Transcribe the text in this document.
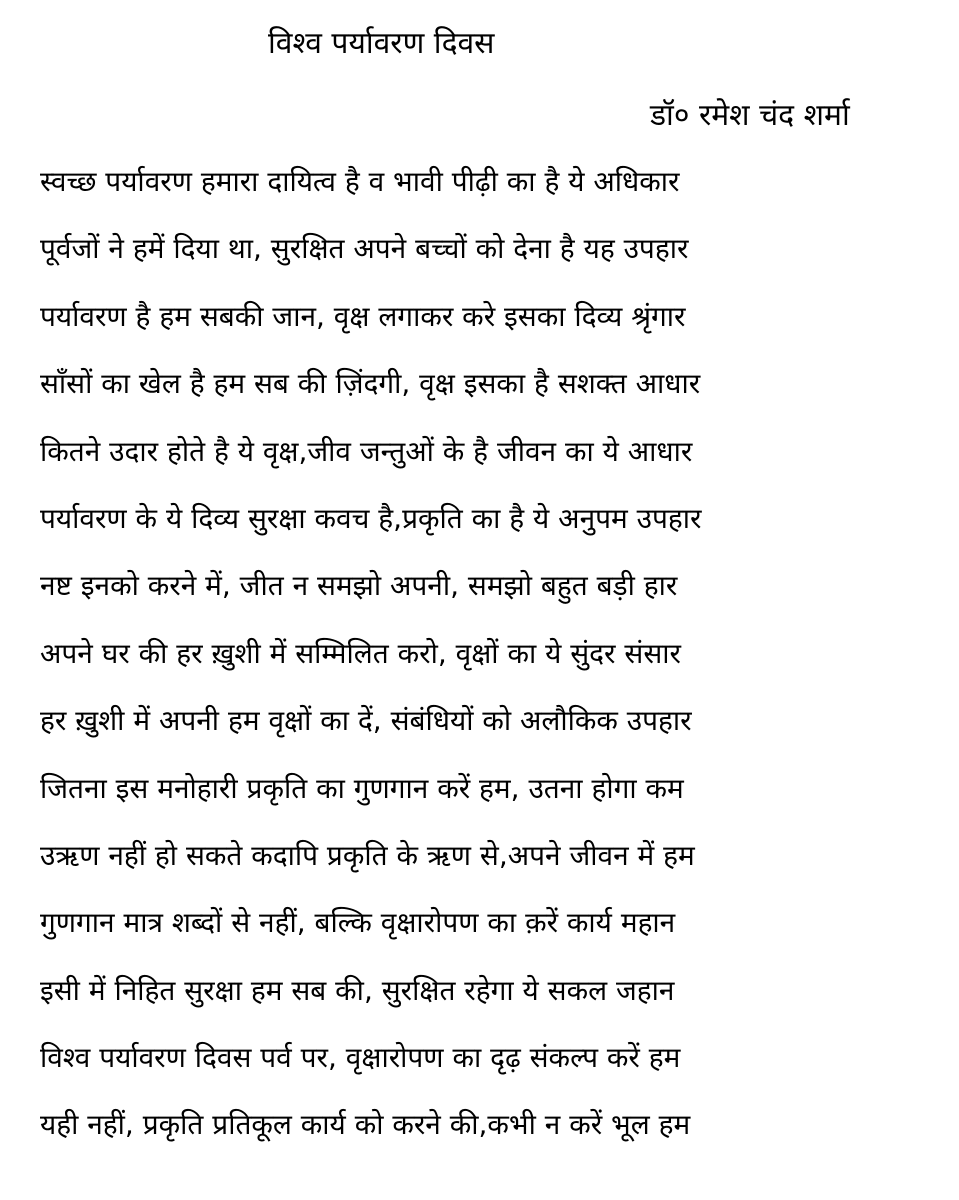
विश्व पर्यावरण दिवस
डॉ० रमेश चंद शर्मा
स्वच्छ पर्यावरण हमारा दायित्व है व भावी पीढ़ी का है ये अधिकार
पूर्वजों ने हमें दिया था, सुरक्षित अपने बच्चों को देना है यह उपहार
पर्यावरण है हम सबकी जान, वृक्ष लगाकर करे इसका दिव्य श्रृंगार
साँसों का खेल है हम सब की ज़िंदगी, वृक्ष इसका है सशक्त आधार
कितने उदार होते है ये वृक्ष,जीव जन्तुओं के है जीवन का ये आधार
पर्यावरण के ये दिव्य सुरक्षा कवच है,प्रकृति का है ये अनुपम उपहार
नष्ट इनको करने में, जीत न समझो अपनी, समझो बहुत बड़ी हार
अपने घर की हर ख़ुशी में सम्मिलित करो, वृक्षों का ये सुंदर संसार
हर ख़ुशी में अपनी हम वृक्षों का दें, संबंधियों को अलौकिक उपहार
जितना इस मनोहारी प्रकृति का गुणगान करें हम, उतना होगा कम
उऋण नहीं हो सकते कदापि प्रकृति के ऋण से,अपने जीवन में हम
गुणगान मात्र शब्दों से नहीं, बल्कि वृक्षारोपण का क़रें कार्य महान
इसी में निहित सुरक्षा हम सब की, सुरक्षित रहेगा ये सकल जहान
विश्व पर्यावरण दिवस पर्व पर, वृक्षारोपण का दृढ़ संकल्प करें हम
यही नहीं, प्रकृति प्रतिकूल कार्य को करने की,कभी न करें भूल हम
